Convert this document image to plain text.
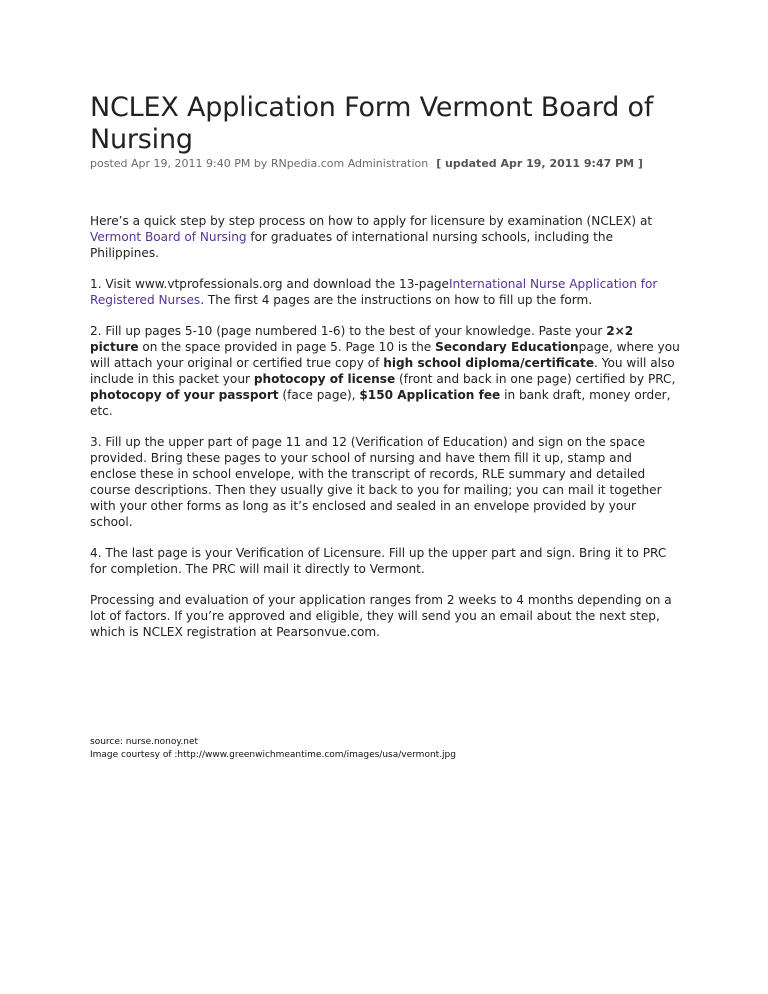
NCLEX Application Form Vermont Board of Nursing
posted Apr 19, 2011 9:40 PM by RNpedia.com Administration [ updated Apr 19, 2011 9:47 PM ]

Here’s a quick step by step process on how to apply for licensure by examination (NCLEX) at Vermont Board of Nursing for graduates of international nursing schools, including the Philippines.

1. Visit www.vtprofessionals.org and download the 13-pageInternational Nurse Application for Registered Nurses. The first 4 pages are the instructions on how to fill up the form.

2. Fill up pages 5-10 (page numbered 1-6) to the best of your knowledge. Paste your 2×2 picture on the space provided in page 5. Page 10 is the Secondary Educationpage, where you will attach your original or certified true copy of high school diploma/certificate. You will also include in this packet your photocopy of license (front and back in one page) certified by PRC, photocopy of your passport (face page), $150 Application fee in bank draft, money order, etc.

3. Fill up the upper part of page 11 and 12 (Verification of Education) and sign on the space provided. Bring these pages to your school of nursing and have them fill it up, stamp and enclose these in school envelope, with the transcript of records, RLE summary and detailed course descriptions. Then they usually give it back to you for mailing; you can mail it together with your other forms as long as it’s enclosed and sealed in an envelope provided by your school.

4. The last page is your Verification of Licensure. Fill up the upper part and sign. Bring it to PRC for completion. The PRC will mail it directly to Vermont.

Processing and evaluation of your application ranges from 2 weeks to 4 months depending on a lot of factors. If you’re approved and eligible, they will send you an email about the next step, which is NCLEX registration at Pearsonvue.com.

source: nurse.nonoy.net
Image courtesy of :http://www.greenwichmeantime.com/images/usa/vermont.jpg
